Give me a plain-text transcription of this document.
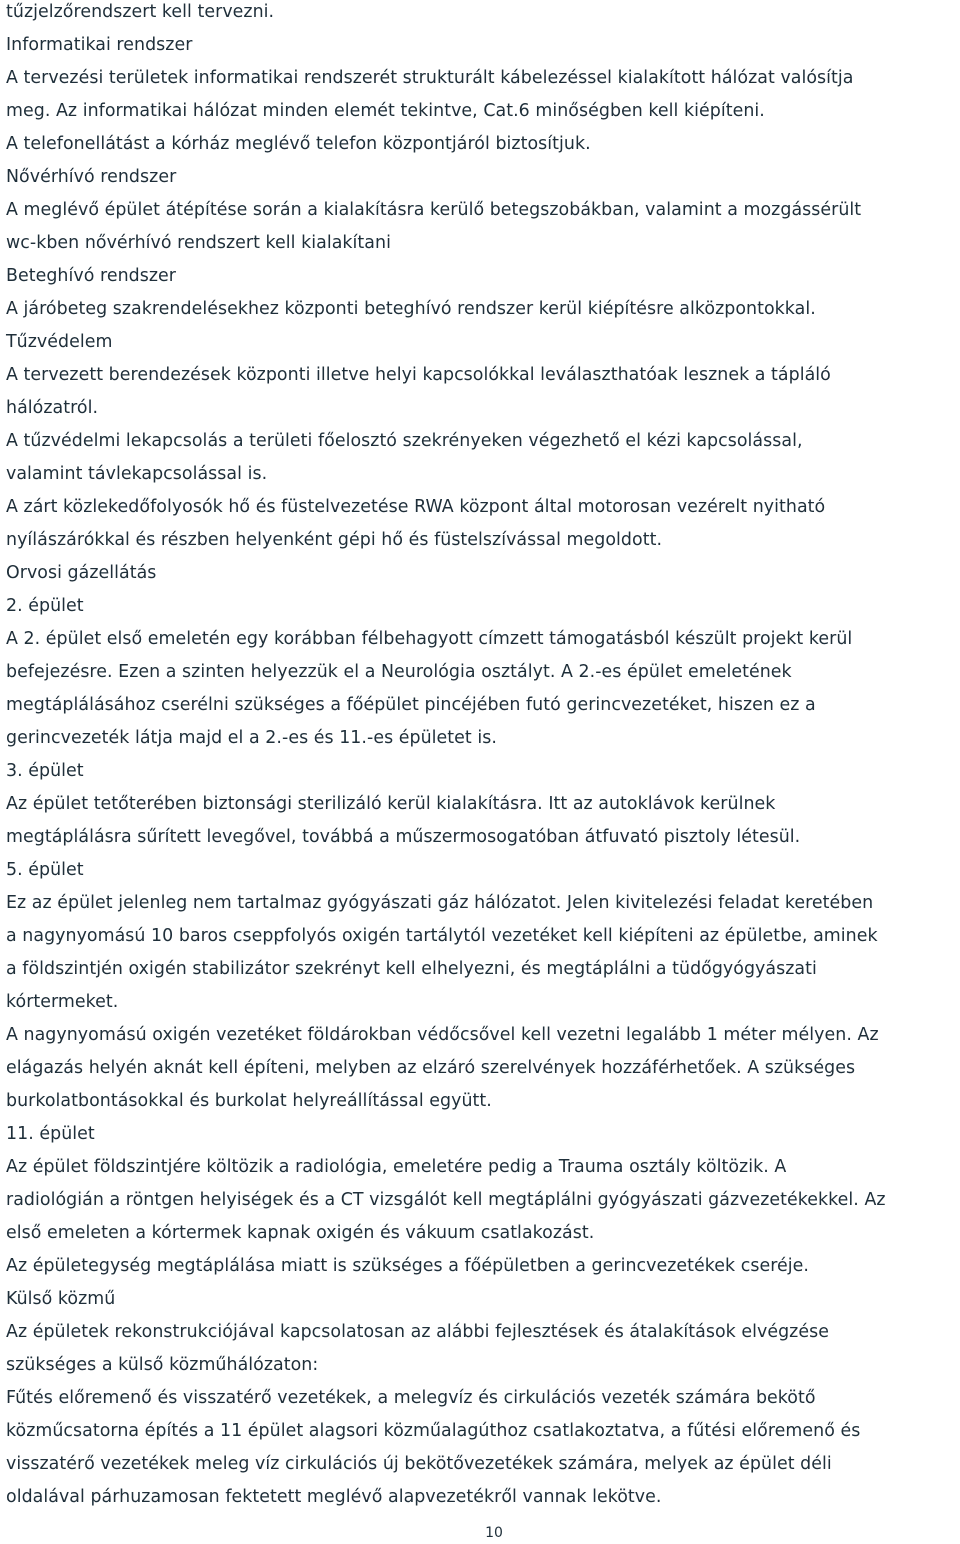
tűzjelzőrendszert kell tervezni.
Informatikai rendszer
A tervezési területek informatikai rendszerét strukturált kábelezéssel kialakított hálózat valósítja
meg. Az informatikai hálózat minden elemét tekintve, Cat.6 minőségben kell kiépíteni.
A telefonellátást a kórház meglévő telefon központjáról biztosítjuk.
Nővérhívó rendszer
A meglévő épület átépítése során a kialakításra kerülő betegszobákban, valamint a mozgássérült
wc-kben nővérhívó rendszert kell kialakítani
Beteghívó rendszer
A járóbeteg szakrendelésekhez központi beteghívó rendszer kerül kiépítésre alközpontokkal.
Tűzvédelem
A tervezett berendezések központi illetve helyi kapcsolókkal leválaszthatóak lesznek a tápláló
hálózatról.
A tűzvédelmi lekapcsolás a területi főelosztó szekrényeken végezhető el kézi kapcsolással,
valamint távlekapcsolással is.
A zárt közlekedőfolyosók hő és füstelvezetése RWA központ által motorosan vezérelt nyitható
nyílászárókkal és részben helyenként gépi hő és füstelszívással megoldott.
Orvosi gázellátás
2. épület
A 2. épület első emeletén egy korábban félbehagyott címzett támogatásból készült projekt kerül
befejezésre. Ezen a szinten helyezzük el a Neurológia osztályt. A 2.-es épület emeletének
megtáplálásához cserélni szükséges a főépület pincéjében futó gerincvezetéket, hiszen ez a
gerincvezeték látja majd el a 2.-es és 11.-es épületet is.
3. épület
Az épület tetőterében biztonsági sterilizáló kerül kialakításra. Itt az autoklávok kerülnek
megtáplálásra sűrített levegővel, továbbá a műszermosogatóban átfuvató pisztoly létesül.
5. épület
Ez az épület jelenleg nem tartalmaz gyógyászati gáz hálózatot. Jelen kivitelezési feladat keretében
a nagynyomású 10 baros cseppfolyós oxigén tartálytól vezetéket kell kiépíteni az épületbe, aminek
a földszintjén oxigén stabilizátor szekrényt kell elhelyezni, és megtáplálni a tüdőgyógyászati
kórtermeket.
A nagynyomású oxigén vezetéket földárokban védőcsővel kell vezetni legalább 1 méter mélyen. Az
elágazás helyén aknát kell építeni, melyben az elzáró szerelvények hozzáférhetőek. A szükséges
burkolatbontásokkal és burkolat helyreállítással együtt.
11. épület
Az épület földszintjére költözik a radiológia, emeletére pedig a Trauma osztály költözik. A
radiológián a röntgen helyiségek és a CT vizsgálót kell megtáplálni gyógyászati gázvezetékekkel. Az
első emeleten a kórtermek kapnak oxigén és vákuum csatlakozást.
Az épületegység megtáplálása miatt is szükséges a főépületben a gerincvezetékek cseréje.
Külső közmű
Az épületek rekonstrukciójával kapcsolatosan az alábbi fejlesztések és átalakítások elvégzése
szükséges a külső közműhálózaton:
Fűtés előremenő és visszatérő vezetékek, a melegvíz és cirkulációs vezeték számára bekötő
közműcsatorna építés a 11 épület alagsori közműalagúthoz csatlakoztatva, a fűtési előremenő és
visszatérő vezetékek meleg víz cirkulációs új bekötővezetékek számára, melyek az épület déli
oldalával párhuzamosan fektetett meglévő alapvezetékről vannak lekötve.
10
